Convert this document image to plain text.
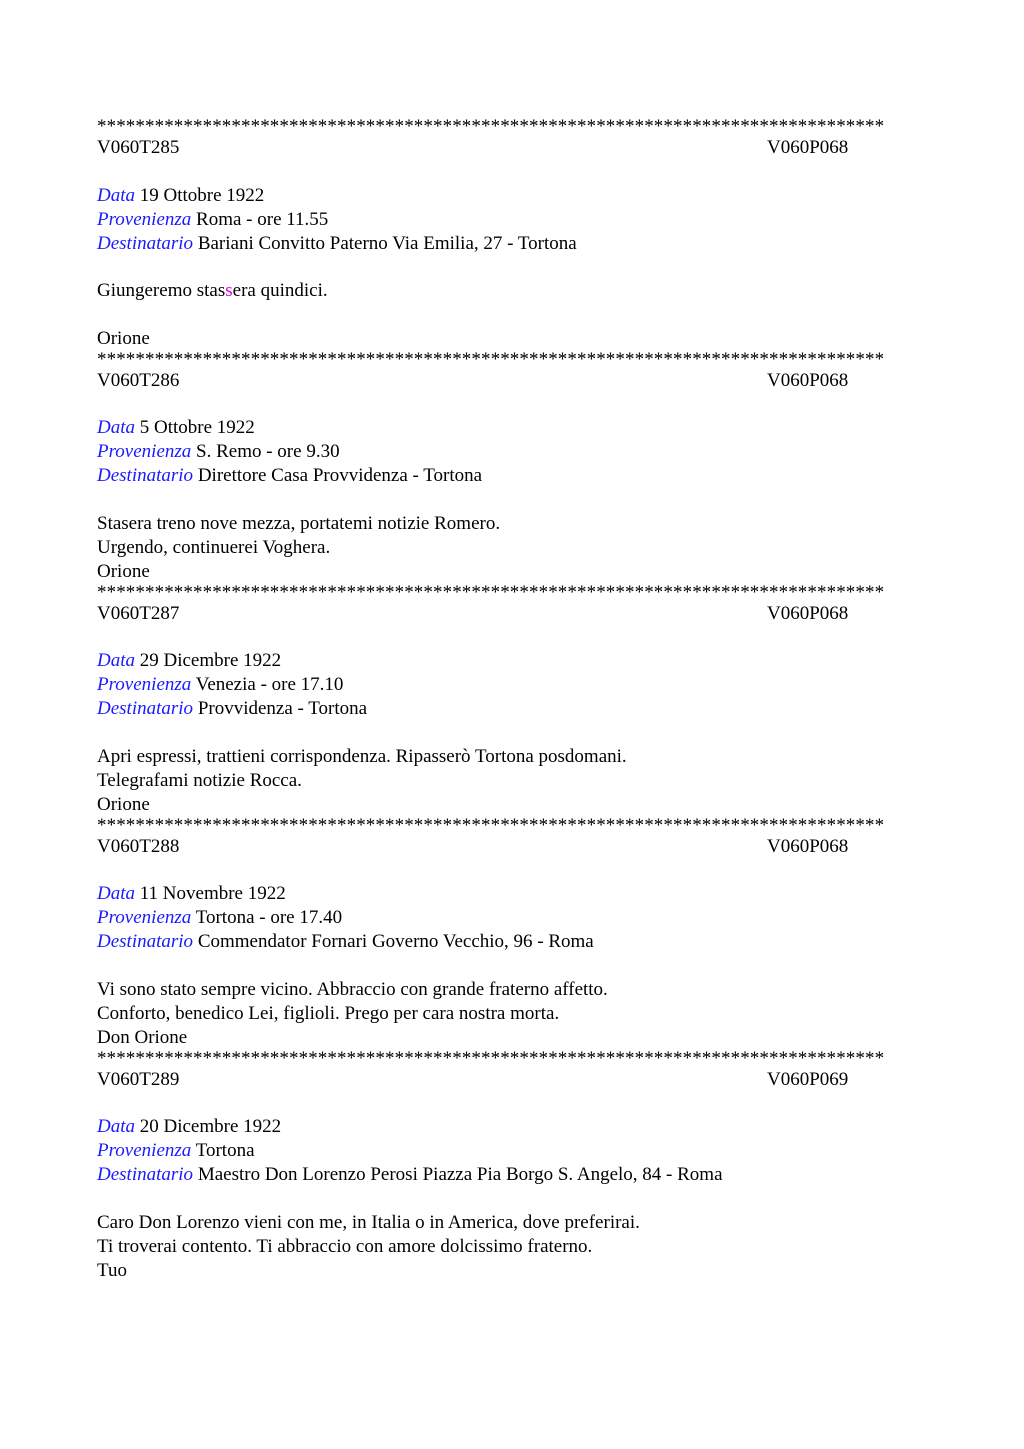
**********************************************************************************
V060T285	V060P068
Data 19 Ottobre 1922
Provenienza Roma - ore 11.55
Destinatario Bariani Convitto Paterno Via Emilia, 27 - Tortona
Giungeremo stassera quindici.
Orione
**********************************************************************************
V060T286	V060P068
Data 5 Ottobre 1922
Provenienza S. Remo - ore 9.30
Destinatario Direttore Casa Provvidenza - Tortona
Stasera treno nove mezza, portatemi notizie Romero.
Urgendo, continuerei Voghera.
Orione
**********************************************************************************
V060T287	V060P068
Data 29 Dicembre 1922
Provenienza Venezia - ore 17.10
Destinatario Provvidenza - Tortona
Apri espressi, trattieni corrispondenza. Ripasserò Tortona posdomani.
Telegrafami notizie Rocca.
Orione
**********************************************************************************
V060T288	V060P068
Data 11 Novembre 1922
Provenienza Tortona - ore 17.40
Destinatario Commendator Fornari Governo Vecchio, 96 - Roma
Vi sono stato sempre vicino. Abbraccio con grande fraterno affetto.
Conforto, benedico Lei, figlioli. Prego per cara nostra morta.
Don Orione
**********************************************************************************
V060T289	V060P069
Data 20 Dicembre 1922
Provenienza Tortona
Destinatario Maestro Don Lorenzo Perosi Piazza Pia Borgo S. Angelo, 84 - Roma
Caro Don Lorenzo vieni con me, in Italia o in America, dove preferirai.
Ti troverai contento. Ti abbraccio con amore dolcissimo fraterno.
Tuo
